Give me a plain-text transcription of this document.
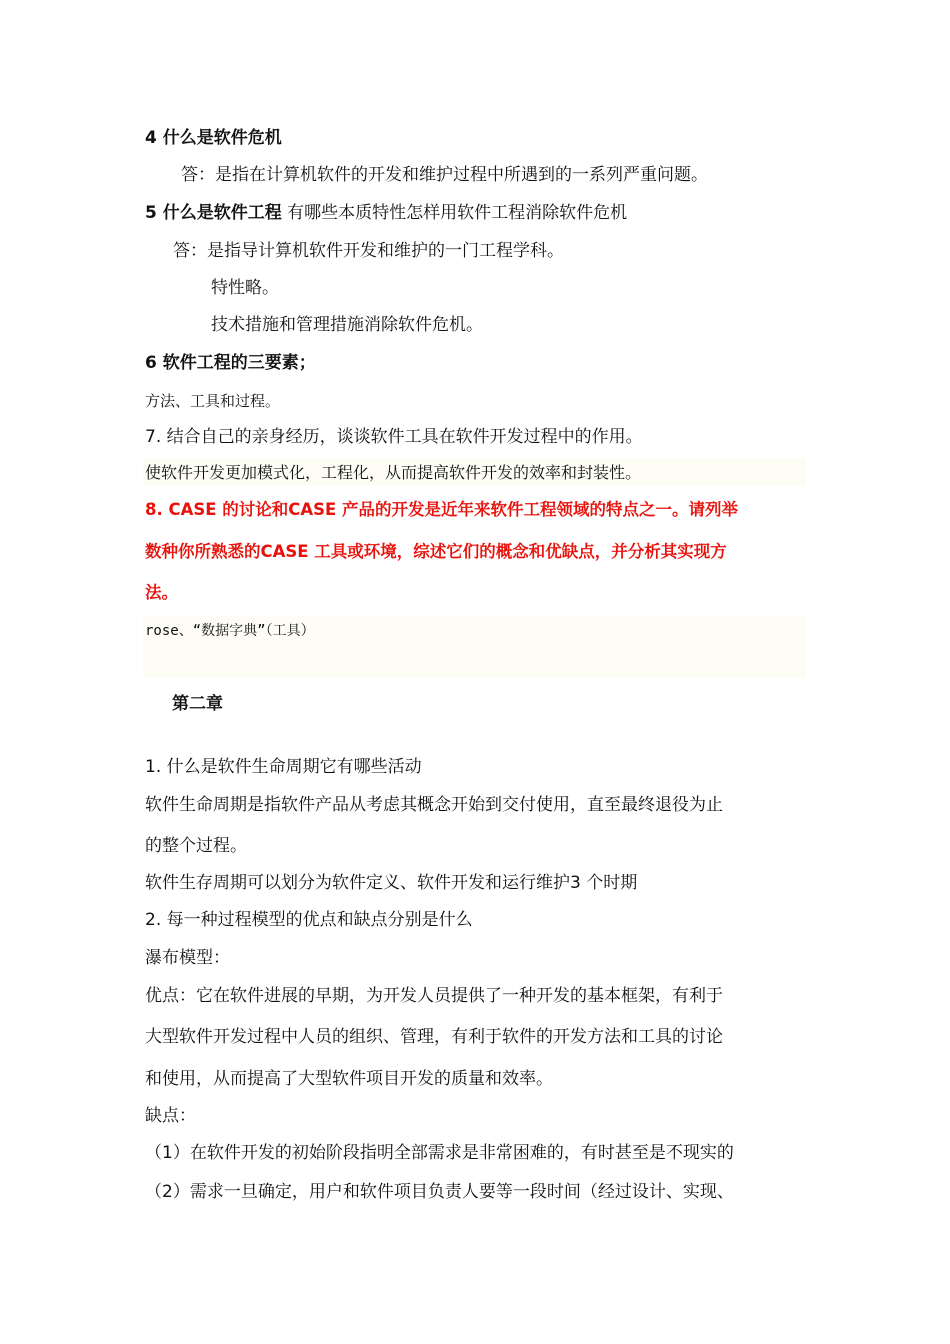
4 什么是软件危机
答：是指在计算机软件的开发和维护过程中所遇到的一系列严重问题。
5 什么是软件工程 有哪些本质特性怎样用软件工程消除软件危机
答：是指导计算机软件开发和维护的一门工程学科。
特性略。
技术措施和管理措施消除软件危机。
6 软件工程的三要素；
方法、工具和过程。
7. 结合自己的亲身经历，谈谈软件工具在软件开发过程中的作用。
使软件开发更加模式化，工程化，从而提高软件开发的效率和封装性。
8. CASE 的讨论和CASE 产品的开发是近年来软件工程领域的特点之一。请列举
数种你所熟悉的CASE 工具或环境，综述它们的概念和优缺点，并分析其实现方
法。
rose、“数据字典”（工具）
第二章
1. 什么是软件生命周期它有哪些活动
软件生命周期是指软件产品从考虑其概念开始到交付使用，直至最终退役为止
的整个过程。
软件生存周期可以划分为软件定义、软件开发和运行维护3 个时期
2. 每一种过程模型的优点和缺点分别是什么
瀑布模型：
优点：它在软件进展的早期，为开发人员提供了一种开发的基本框架，有利于
大型软件开发过程中人员的组织、管理，有利于软件的开发方法和工具的讨论
和使用，从而提高了大型软件项目开发的质量和效率。
缺点：
（1）在软件开发的初始阶段指明全部需求是非常困难的，有时甚至是不现实的
（2）需求一旦确定，用户和软件项目负责人要等一段时间（经过设计、实现、
